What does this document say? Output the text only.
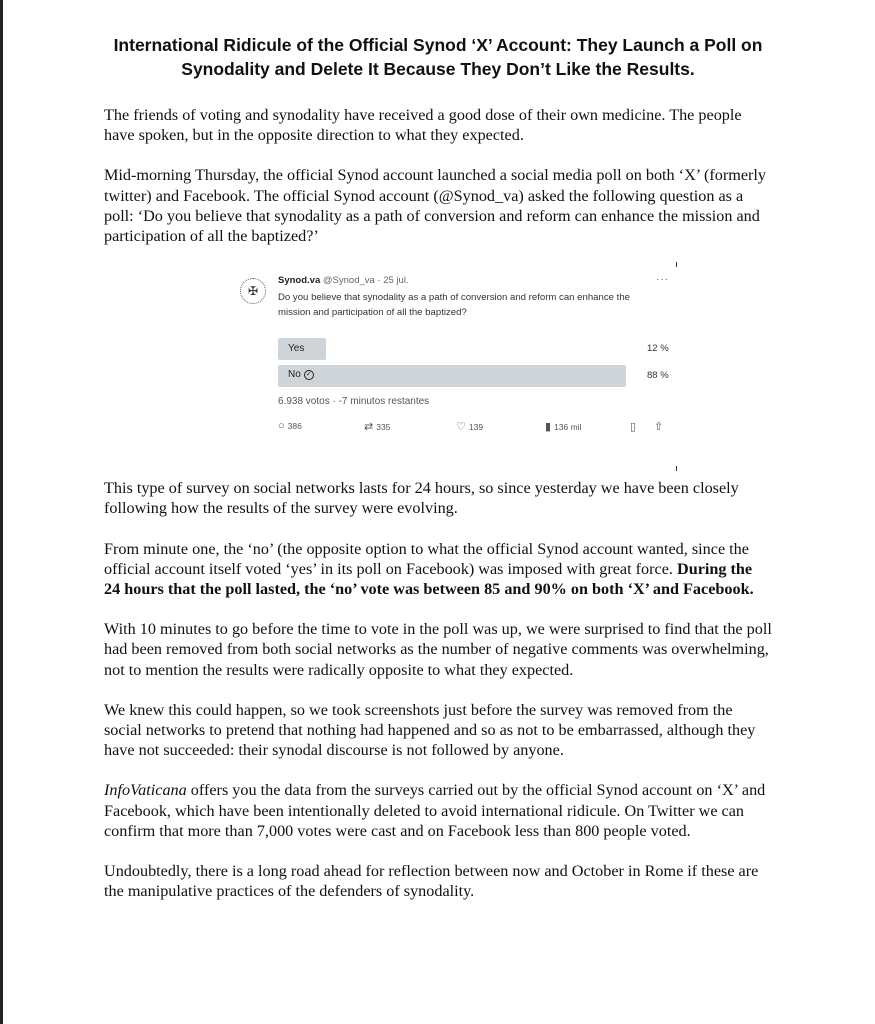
International Ridicule of the Official Synod ‘X’ Account: They Launch a Poll on Synodality and Delete It Because They Don’t Like the Results.

The friends of voting and synodality have received a good dose of their own medicine. The people have spoken, but in the opposite direction to what they expected.

Mid-morning Thursday, the official Synod account launched a social media poll on both ‘X’ (formerly twitter) and Facebook. The official Synod account (@Synod_va) asked the following question as a poll: ‘Do you believe that synodality as a path of conversion and reform can enhance the mission and participation of all the baptized?’

✠
Synod.va @Synod_va · 25 jul.	···
Do you believe that synodality as a path of conversion and reform can enhance the mission and participation of all the baptized?
Yes
No ✓
12 %
88 %
6.938 votos · -7 minutos restantes
○ 386	⇄ 335	♡ 139	▮ 136 mil	▯ ⇧

This type of survey on social networks lasts for 24 hours, so since yesterday we have been closely following how the results of the survey were evolving.

From minute one, the ‘no’ (the opposite option to what the official Synod account wanted, since the official account itself voted ‘yes’ in its poll on Facebook) was imposed with great force. During the 24 hours that the poll lasted, the ‘no’ vote was between 85 and 90% on both ‘X’ and Facebook.

With 10 minutes to go before the time to vote in the poll was up, we were surprised to find that the poll had been removed from both social networks as the number of negative comments was overwhelming, not to mention the results were radically opposite to what they expected.

We knew this could happen, so we took screenshots just before the survey was removed from the social networks to pretend that nothing had happened and so as not to be embarrassed, although they have not succeeded: their synodal discourse is not followed by anyone.

InfoVaticana offers you the data from the surveys carried out by the official Synod account on ‘X’ and Facebook, which have been intentionally deleted to avoid international ridicule. On Twitter we can confirm that more than 7,000 votes were cast and on Facebook less than 800 people voted.

Undoubtedly, there is a long road ahead for reflection between now and October in Rome if these are the manipulative practices of the defenders of synodality.
